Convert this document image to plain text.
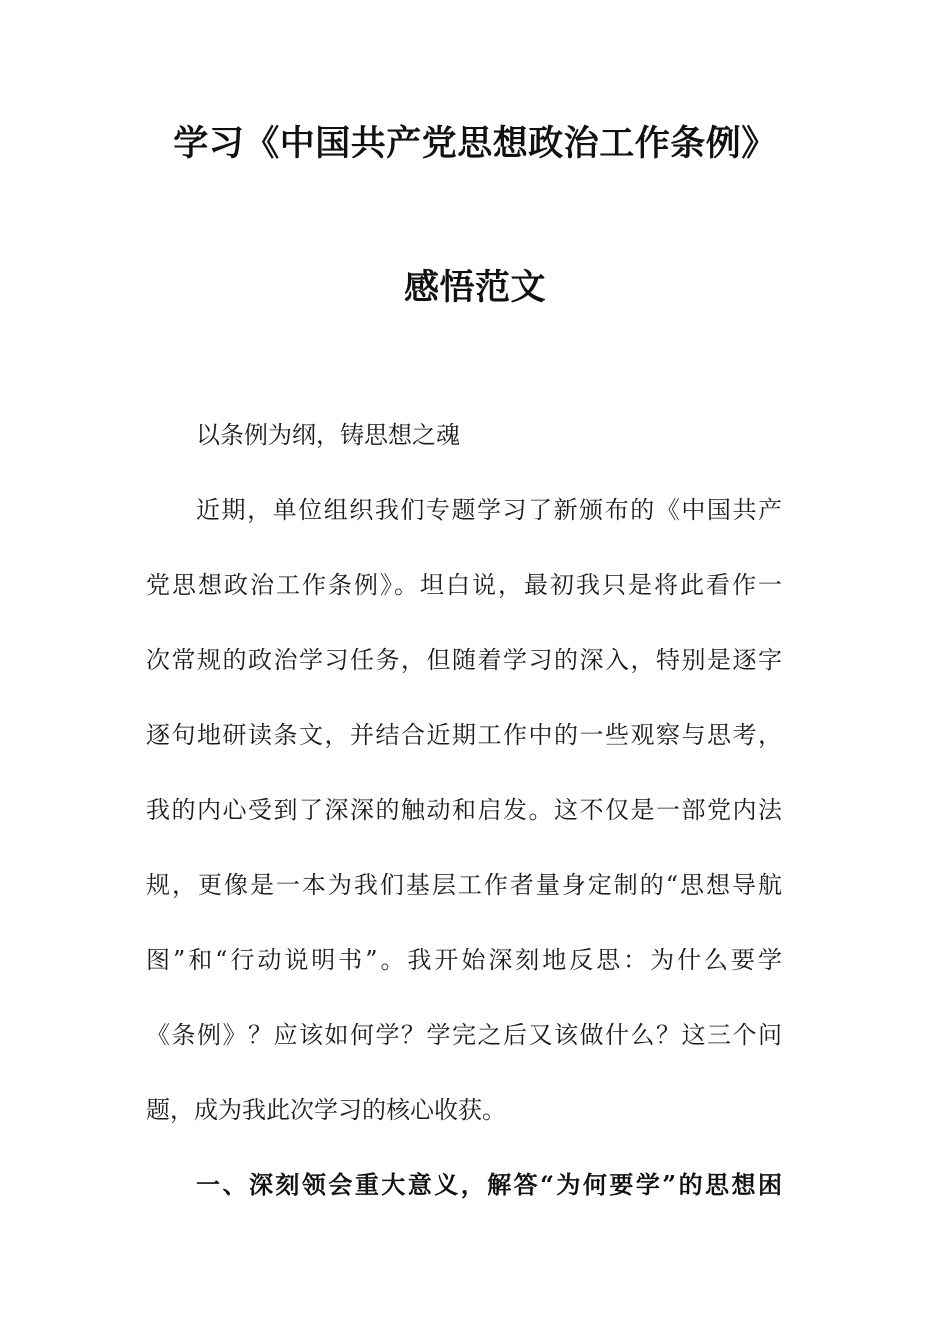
学习《中国共产党思想政治工作条例》
感悟范文
以条例为纲，铸思想之魂
近期，单位组织我们专题学习了新颁布的《中国共产
党思想政治工作条例》。坦白说，最初我只是将此看作一
次常规的政治学习任务，但随着学习的深入，特别是逐字
逐句地研读条文，并结合近期工作中的一些观察与思考，
我的内心受到了深深的触动和启发。这不仅是一部党内法
规，更像是一本为我们基层工作者量身定制的“思想导航
图”和“行动说明书”。我开始深刻地反思：为什么要学
《条例》？应该如何学？学完之后又该做什么？这三个问
题，成为我此次学习的核心收获。
一、深刻领会重大意义，解答“为何要学”的思想困
